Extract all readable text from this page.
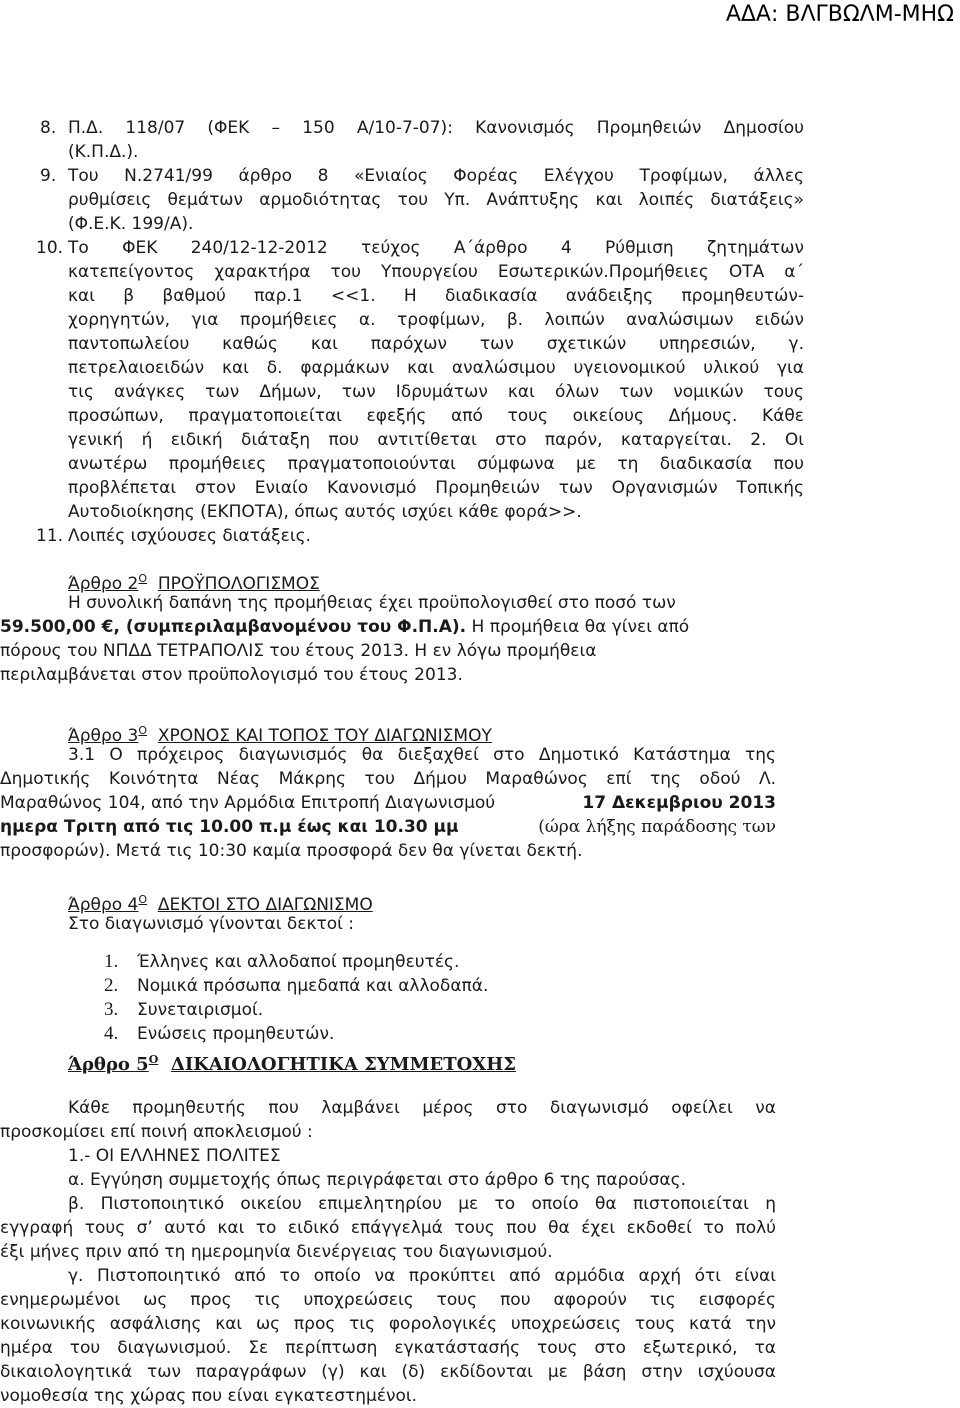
ΑΔΑ: ΒΛΓΒΩΛΜ-ΜΗΩ
8. Π.Δ. 118/07 (ΦΕΚ – 150 Α/10-7-07): Κανονισμός Προμηθειών Δημοσίου
(Κ.Π.Δ.).
9. Του Ν.2741/99 άρθρο 8 «Ενιαίος Φορέας Ελέγχου Τροφίμων, άλλες
ρυθμίσεις θεμάτων αρμοδιότητας του Υπ. Ανάπτυξης και λοιπές διατάξεις»
(Φ.Ε.Κ. 199/Α).
10. Το ΦΕΚ 240/12-12-2012 τεύχος Α΄άρθρο 4 Ρύθμιση ζητημάτων
κατεπείγοντος χαρακτήρα του Υπουργείου Εσωτερικών.Προμήθειες ΟΤΑ α΄
και β βαθμού παρ.1 <<1. Η διαδικασία ανάδειξης προμηθευτών-
χορηγητών, για προμήθειες α. τροφίμων, β. λοιπών αναλώσιμων ειδών
παντοπωλείου καθώς και παρόχων των σχετικών υπηρεσιών, γ.
πετρελαιοειδών και δ. φαρμάκων και αναλώσιμου υγειονομικού υλικού για
τις ανάγκες των Δήμων, των Ιδρυμάτων και όλων των νομικών τους
προσώπων, πραγματοποιείται εφεξής από τους οικείους Δήμους. Κάθε
γενική ή ειδική διάταξη που αντιτίθεται στο παρόν, καταργείται. 2. Οι
ανωτέρω προμήθειες πραγματοποιούνται σύμφωνα με τη διαδικασία που
προβλέπεται στον Ενιαίο Κανονισμό Προμηθειών των Οργανισμών Τοπικής
Αυτοδιοίκησης (ΕΚΠΟΤΑ), όπως αυτός ισχύει κάθε φορά>>.
11. Λοιπές ισχύουσες διατάξεις.
Άρθρο $2^O$ ΠΡΟΫΠΟΛΟΓΙΣΜΟΣ
Η συνολική δαπάνη της προμήθειας έχει προϋπολογισθεί στο ποσό των
59.500,00 €, (συμπεριλαμβανομένου του Φ.Π.Α). Η προμήθεια θα γίνει από
πόρους του ΝΠΔΔ ΤΕΤΡΑΠΟΛΙΣ του έτους 2013. Η εν λόγω προμήθεια
περιλαμβάνεται στον προϋπολογισμό του έτους 2013.
Άρθρο $3^O$ ΧΡΟΝΟΣ ΚΑΙ ΤΟΠΟΣ ΤΟΥ ΔΙΑΓΩΝΙΣΜΟΥ
3.1 Ο πρόχειρος διαγωνισμός θα διεξαχθεί στο Δημοτικό Κατάστημα της
Δημοτικής Κοινότητα Νέας Μάκρης του Δήμου Μαραθώνος επί της οδού Λ.
Μαραθώνος 104, από την Αρμόδια Επιτροπή Διαγωνισμού	17 Δεκεμβριου 2013
ημερα Τριτη από τις 10.00 π.μ έως και 10.30 μμ	(ώρα λήξης παράδοσης των
προσφορών). Μετά τις 10:30 καμία προσφορά δεν θα γίνεται δεκτή.
Άρθρο $4^O$ ΔΕΚΤΟΙ ΣΤΟ ΔΙΑΓΩΝΙΣΜΟ
Στο διαγωνισμό γίνονται δεκτοί :
1. Έλληνες και αλλοδαποί προμηθευτές.
2. Νομικά πρόσωπα ημεδαπά και αλλοδαπά.
3. Συνεταιρισμοί.
4. Ενώσεις προμηθευτών.
Άρθρο $5^O$ ΔΙΚΑΙΟΛΟΓΗΤΙΚΑ ΣΥΜΜΕΤΟΧΗΣ
Κάθε προμηθευτής που λαμβάνει μέρος στο διαγωνισμό οφείλει να
προσκομίσει επί ποινή αποκλεισμού :
1.- ΟΙ ΕΛΛΗΝΕΣ ΠΟΛΙΤΕΣ
α. Εγγύηση συμμετοχής όπως περιγράφεται στο άρθρο 6 της παρούσας.
β. Πιστοποιητικό οικείου επιμελητηρίου με το οποίο θα πιστοποιείται η
εγγραφή τους σ’ αυτό και το ειδικό επάγγελμά τους που θα έχει εκδοθεί το πολύ
έξι μήνες πριν από τη ημερομηνία διενέργειας του διαγωνισμού.
γ. Πιστοποιητικό από το οποίο να προκύπτει από αρμόδια αρχή ότι είναι
ενημερωμένοι ως προς τις υποχρεώσεις τους που αφορούν τις εισφορές
κοινωνικής ασφάλισης και ως προς τις φορολογικές υποχρεώσεις τους κατά την
ημέρα του διαγωνισμού. Σε περίπτωση εγκατάστασής τους στο εξωτερικό, τα
δικαιολογητικά των παραγράφων (γ) και (δ) εκδίδονται με βάση στην ισχύουσα
νομοθεσία της χώρας που είναι εγκατεστημένοι.
